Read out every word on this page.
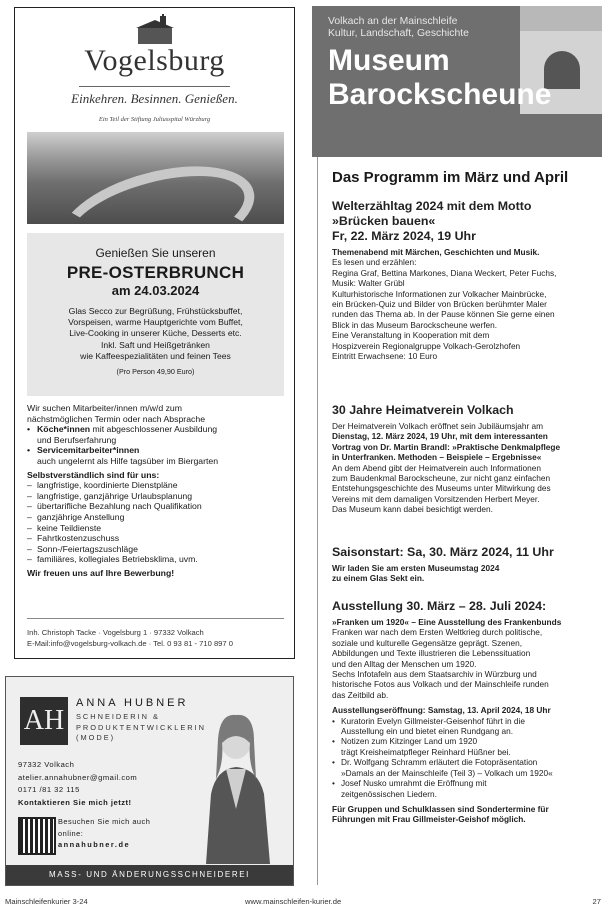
Vogelsburg
Einkehren. Besinnen. Genießen.
Ein Teil der Stiftung Juliusspital Würzburg
Genießen Sie unseren
PRE-OSTERBRUNCH
am 24.03.2024
Glas Secco zur Begrüßung, Frühstücksbuffet,
Vorspeisen, warme Hauptgerichte vom Buffet,
Live-Cooking in unserer Küche, Desserts etc.
Inkl. Saft und Heißgetränken
wie Kaffeespezialitäten und feinen Tees
(Pro Person 49,90 Euro)
Wir suchen Mitarbeiter/innen m/w/d zum
nächstmöglichen Termin oder nach Absprache
• Köche*innen mit abgeschlossener Ausbildung
und Berufserfahrung
• Servicemitarbeiter*innen
auch ungelernt als Hilfe tagsüber im Biergarten
Selbstverständlich sind für uns:
– langfristige, koordinierte Dienstpläne
– langfristige, ganzjährige Urlaubsplanung
– übertarifliche Bezahlung nach Qualifikation
– ganzjährige Anstellung
– keine Teildienste
– Fahrtkostenzuschuss
– Sonn-/Feiertagszuschläge
– familiäres, kollegiales Betriebsklima, uvm.
Wir freuen uns auf Ihre Bewerbung!
Inh. Christoph Tacke · Vogelsburg 1 · 97332 Volkach
E-Mail:info@vogelsburg-volkach.de · Tel. 0 93 81 - 710 897 0
AH
ANNA HUBNER
SCHNEIDERIN &
PRODUKTENTWICKLERIN
(MODE)
97332 Volkach
atelier.annahubner@gmail.com
0171 /81 32 115
Kontaktieren Sie mich jetzt!
Besuchen Sie mich auch
online:
annahubner.de
MASS- UND ÄNDERUNGSSCHNEIDEREI
Volkach an der Mainschleife
Kultur, Landschaft, Geschichte
Museum
Barockscheune
Das Programm im März und April
Welterzähltag 2024 mit dem Motto
»Brücken bauen«
Fr, 22. März 2024, 19 Uhr
Themenabend mit Märchen, Geschichten und Musik.
Es lesen und erzählen:
Regina Graf, Bettina Markones, Diana Weckert, Peter Fuchs,
Musik: Walter Grübl
Kulturhistorische Informationen zur Volkacher Mainbrücke,
ein Brücken-Quiz und Bilder von Brücken berühmter Maler
runden das Thema ab. In der Pause können Sie gerne einen
Blick in das Museum Barockscheune werfen.
Eine Veranstaltung in Kooperation mit dem
Hospizverein Regionalgruppe Volkach-Gerolzhofen
Eintritt Erwachsene: 10 Euro
30 Jahre Heimatverein Volkach
Der Heimatverein Volkach eröffnet sein Jubiläumsjahr am
Dienstag, 12. März 2024, 19 Uhr, mit dem interessanten
Vortrag von Dr. Martin Brandl: »Praktische Denkmalpflege
in Unterfranken. Methoden – Beispiele – Ergebnisse«
An dem Abend gibt der Heimatverein auch Informationen
zum Baudenkmal Barockscheune, zur nicht ganz einfachen
Entstehungsgeschichte des Museums unter Mitwirkung des
Vereins mit dem damaligen Vorsitzenden Herbert Meyer.
Das Museum kann dabei besichtigt werden.
Saisonstart: Sa, 30. März 2024, 11 Uhr
Wir laden Sie am ersten Museumstag 2024
zu einem Glas Sekt ein.
Ausstellung 30. März – 28. Juli 2024:
»Franken um 1920« – Eine Ausstellung des Frankenbunds
Franken war nach dem Ersten Weltkrieg durch politische,
soziale und kulturelle Gegensätze geprägt. Szenen,
Abbildungen und Texte illustrieren die Lebenssituation
und den Alltag der Menschen um 1920.
Sechs Infotafeln aus dem Staatsarchiv in Würzburg und
historische Fotos aus Volkach und der Mainschleife runden
das Zeitbild ab.
Ausstellungseröffnung: Samstag, 13. April 2024, 18 Uhr
• Kuratorin Evelyn Gillmeister-Geisenhof führt in die
Ausstellung ein und bietet einen Rundgang an.
• Notizen zum Kitzinger Land um 1920
trägt Kreisheimatpfleger Reinhard Hüßner bei.
• Dr. Wolfgang Schramm erläutert die Fotopräsentation
»Damals an der Mainschleife (Teil 3) – Volkach um 1920«
• Josef Nusko umrahmt die Eröffnung mit
zeitgenössischen Liedern.
Für Gruppen und Schulklassen sind Sondertermine für
Führungen mit Frau Gillmeister-Geishof möglich.
Mainschleifenkurier 3-24	www.mainschleifen-kurier.de	27
